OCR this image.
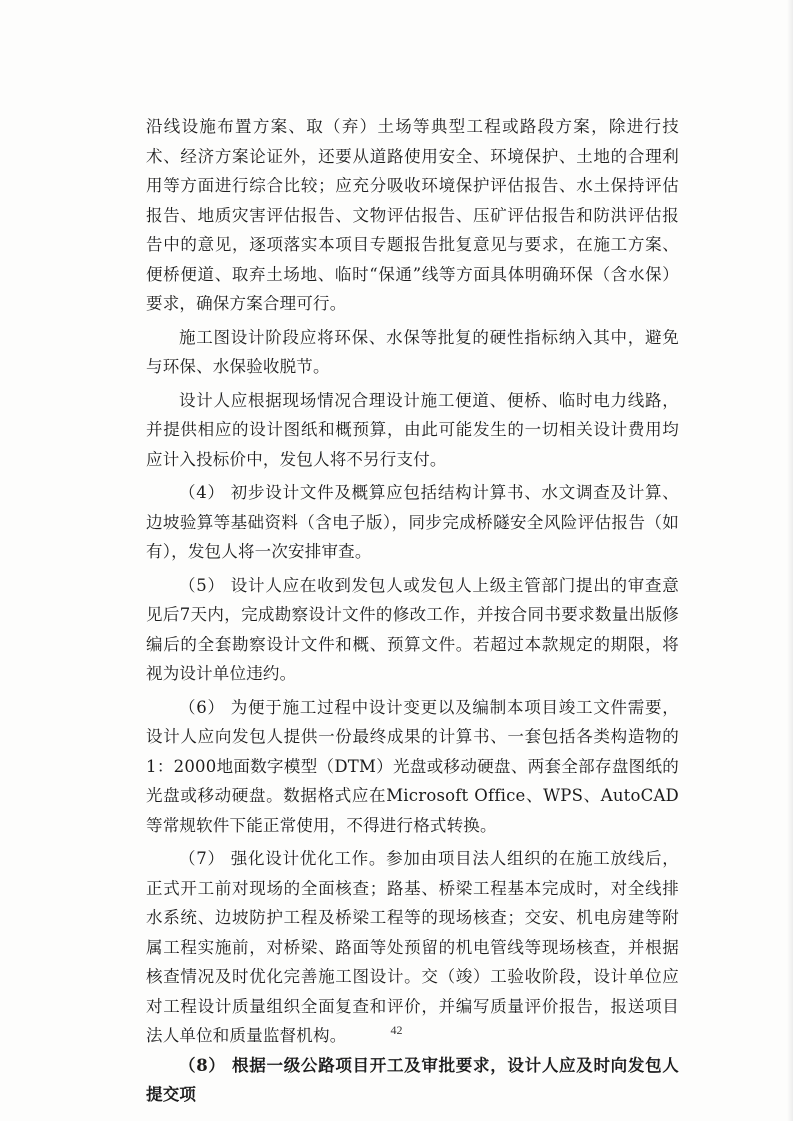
沿线设施布置方案、取（弃）土场等典型工程或路段方案，除进行技术、经济方案论证外，还要从道路使用安全、环境保护、土地的合理利用等方面进行综合比较；应充分吸收环境保护评估报告、水土保持评估报告、地质灾害评估报告、文物评估报告、压矿评估报告和防洪评估报告中的意见，逐项落实本项目专题报告批复意见与要求，在施工方案、便桥便道、取弃土场地、临时“保通”线等方面具体明确环保（含水保）要求，确保方案合理可行。

施工图设计阶段应将环保、水保等批复的硬性指标纳入其中，避免与环保、水保验收脱节。

设计人应根据现场情况合理设计施工便道、便桥、临时电力线路，并提供相应的设计图纸和概预算，由此可能发生的一切相关设计费用均应计入投标价中，发包人将不另行支付。

（4） 初步设计文件及概算应包括结构计算书、水文调查及计算、边坡验算等基础资料（含电子版），同步完成桥隧安全风险评估报告（如有），发包人将一次安排审查。

（5） 设计人应在收到发包人或发包人上级主管部门提出的审查意见后7天内，完成勘察设计文件的修改工作，并按合同书要求数量出版修编后的全套勘察设计文件和概、预算文件。若超过本款规定的期限，将视为设计单位违约。

（6） 为便于施工过程中设计变更以及编制本项目竣工文件需要，设计人应向发包人提供一份最终成果的计算书、一套包括各类构造物的1：2000地面数字模型（DTM）光盘或移动硬盘、两套全部存盘图纸的光盘或移动硬盘。数据格式应在Microsoft Office、WPS、AutoCAD等常规软件下能正常使用，不得进行格式转换。

（7） 强化设计优化工作。参加由项目法人组织的在施工放线后，正式开工前对现场的全面核查；路基、桥梁工程基本完成时，对全线排水系统、边坡防护工程及桥梁工程等的现场核查；交安、机电房建等附属工程实施前，对桥梁、路面等处预留的机电管线等现场核查，并根据核查情况及时优化完善施工图设计。交（竣）工验收阶段，设计单位应对工程设计质量组织全面复查和评价，并编写质量评价报告，报送项目法人单位和质量监督机构。

（8） 根据一级公路项目开工及审批要求，设计人应及时向发包人提交项

42
